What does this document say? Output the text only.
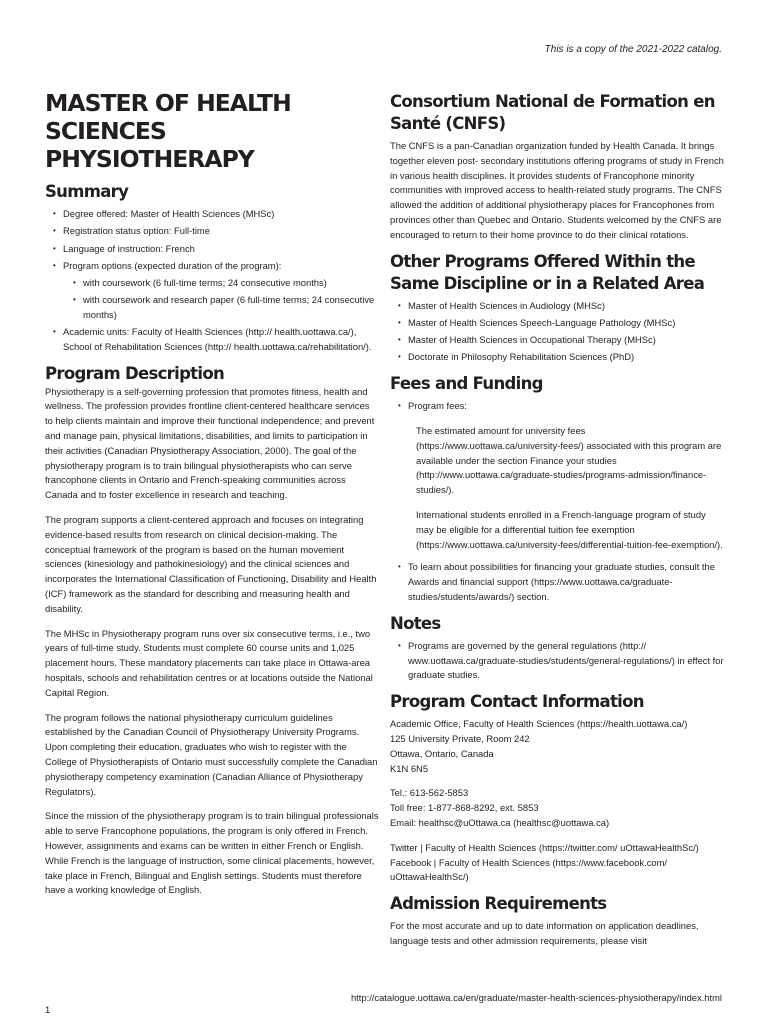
This is a copy of the 2021-2022 catalog.
MASTER OF HEALTH
SCIENCES PHYSIOTHERAPY
Summary
• Degree offered: Master of Health Sciences (MHSc)
• Registration status option: Full-time
• Language of instruction: French
• Program options (expected duration of the program):
• with coursework (6 full-time terms; 24 consecutive months)
• with coursework and research paper (6 full-time terms; 24 consecutive months)
• Academic units: Faculty of Health Sciences (http:// health.uottawa.ca/), School of Rehabilitation Sciences (http:// health.uottawa.ca/rehabilitation/).
Program Description

Physiotherapy is a self-governing profession that promotes fitness, health and wellness. The profession provides frontline client-centered healthcare services to help clients maintain and improve their functional independence; and prevent and manage pain, physical limitations, disabilities, and limits to participation in their activities (Canadian Physiotherapy Association, 2000). The goal of the physiotherapy program is to train bilingual physiotherapists who can serve francophone clients in Ontario and French-speaking communities across Canada and to foster excellence in research and teaching.

The program supports a client-centered approach and focuses on integrating evidence-based results from research on clinical decision-making. The conceptual framework of the program is based on the human movement sciences (kinesiology and pathokinesiology) and the clinical sciences and incorporates the International Classification of Functioning, Disability and Health (ICF) framework as the standard for describing and measuring health and disability.

The MHSc in Physiotherapy program runs over six consecutive terms, i.e., two years of full-time study. Students must complete 60 course units and 1,025 placement hours. These mandatory placements can take place in Ottawa-area hospitals, schools and rehabilitation centres or at locations outside the National Capital Region.

The program follows the national physiotherapy curriculum guidelines established by the Canadian Council of Physiotherapy University Programs. Upon completing their education, graduates who wish to register with the College of Physiotherapists of Ontario must successfully complete the Canadian physiotherapy competency examination (Canadian Alliance of Physiotherapy Regulators).

Since the mission of the physiotherapy program is to train bilingual professionals able to serve Francophone populations, the program is only offered in French. However, assignments and exams can be written in either French or English. While French is the language of instruction, some clinical placements, however, take place in French, Bilingual and English settings. Students must therefore have a working knowledge of English.

Consortium National de Formation en Santé (CNFS)

The CNFS is a pan-Canadian organization funded by Health Canada. It brings together eleven post- secondary institutions offering programs of study in French in various health disciplines. It provides students of Francophone minority communities with improved access to health-related study programs. The CNFS allowed the addition of additional physiotherapy places for Francophones from provinces other than Quebec and Ontario. Students welcomed by the CNFS are encouraged to return to their home province to do their clinical rotations.

Other Programs Offered Within the Same Discipline or in a Related Area
• Master of Health Sciences in Audiology (MHSc)
• Master of Health Sciences Speech-Language Pathology (MHSc)
• Master of Health Sciences in Occupational Therapy (MHSc)
• Doctorate in Philosophy Rehabilitation Sciences (PhD)
Fees and Funding
• Program fees:

The estimated amount for university fees (https://www.uottawa.ca/university-fees/) associated with this program are available under the section Finance your studies (http://www.uottawa.ca/graduate-studies/programs-admission/finance-studies/).

International students enrolled in a French-language program of study may be eligible for a differential tuition fee exemption (https://www.uottawa.ca/university-fees/differential-tuition-fee-exemption/).

• To learn about possibilities for financing your graduate studies, consult the Awards and financial support (https://www.uottawa.ca/graduate-studies/students/awards/) section.
Notes
• Programs are governed by the general regulations (http:// www.uottawa.ca/graduate-studies/students/general-regulations/) in effect for graduate studies.
Program Contact Information

Academic Office, Faculty of Health Sciences (https://health.uottawa.ca/)

125 University Private, Room 242

Ottawa, Ontario, Canada

K1N 6N5

Tel.: 613-562-5853

Toll free: 1-877-868-8292, ext. 5853

Email: healthsc@uOttawa.ca (healthsc@uottawa.ca)

Twitter | Faculty of Health Sciences (https://twitter.com/ uOttawaHealthSc/)

Facebook | Faculty of Health Sciences (https://www.facebook.com/ uOttawaHealthSc/)

Admission Requirements

For the most accurate and up to date information on application deadlines, language tests and other admission requirements, please visit

http://catalogue.uottawa.ca/en/graduate/master-health-sciences-physiotherapy/index.html
1
